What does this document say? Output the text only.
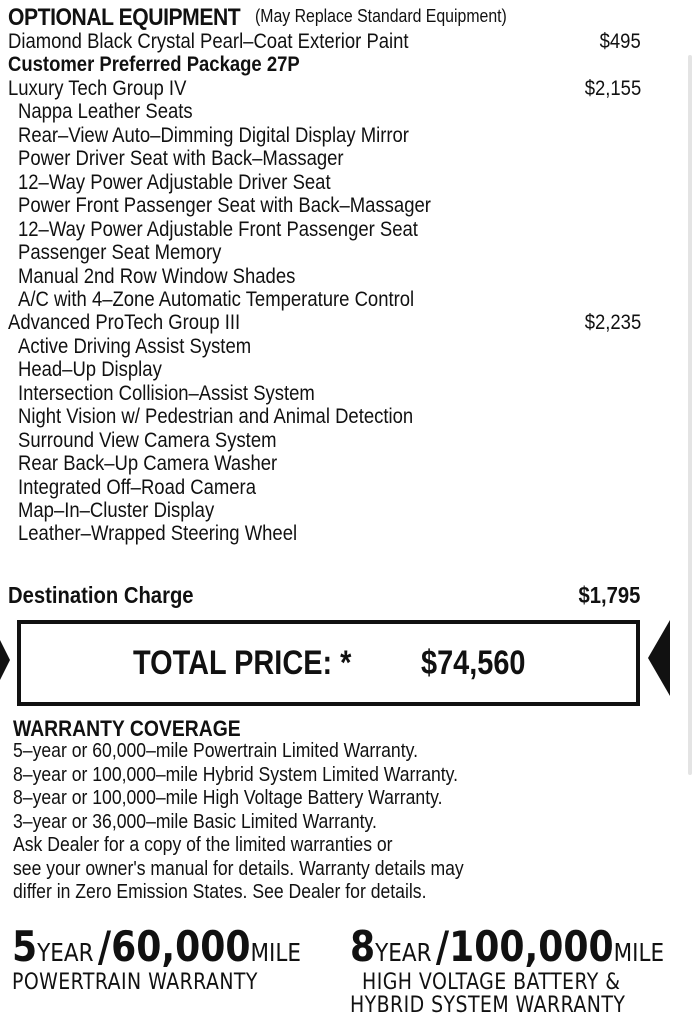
OPTIONAL EQUIPMENT (May Replace Standard Equipment)
Diamond Black Crystal Pearl–Coat Exterior Paint	$495
Customer Preferred Package 27P
Luxury Tech Group IV	$2,155
Nappa Leather Seats
Rear–View Auto–Dimming Digital Display Mirror
Power Driver Seat with Back–Massager
12–Way Power Adjustable Driver Seat
Power Front Passenger Seat with Back–Massager
12–Way Power Adjustable Front Passenger Seat
Passenger Seat Memory
Manual 2nd Row Window Shades
A/C with 4–Zone Automatic Temperature Control
Advanced ProTech Group III	$2,235
Active Driving Assist System
Head–Up Display
Intersection Collision–Assist System
Night Vision w/ Pedestrian and Animal Detection
Surround View Camera System
Rear Back–Up Camera Washer
Integrated Off–Road Camera
Map–In–Cluster Display
Leather–Wrapped Steering Wheel
Destination Charge	$1,795
TOTAL PRICE: * $74,560
WARRANTY COVERAGE
5–year or 60,000–mile Powertrain Limited Warranty.
8–year or 100,000–mile Hybrid System Limited Warranty.
8–year or 100,000–mile High Voltage Battery Warranty.
3–year or 36,000–mile Basic Limited Warranty.
Ask Dealer for a copy of the limited warranties or
see your owner's manual for details. Warranty details may
differ in Zero Emission States. See Dealer for details.
5YEAR /60,000MILE
POWERTRAIN WARRANTY
8YEAR /100,000MILE
HIGH VOLTAGE BATTERY &
HYBRID SYSTEM WARRANTY
